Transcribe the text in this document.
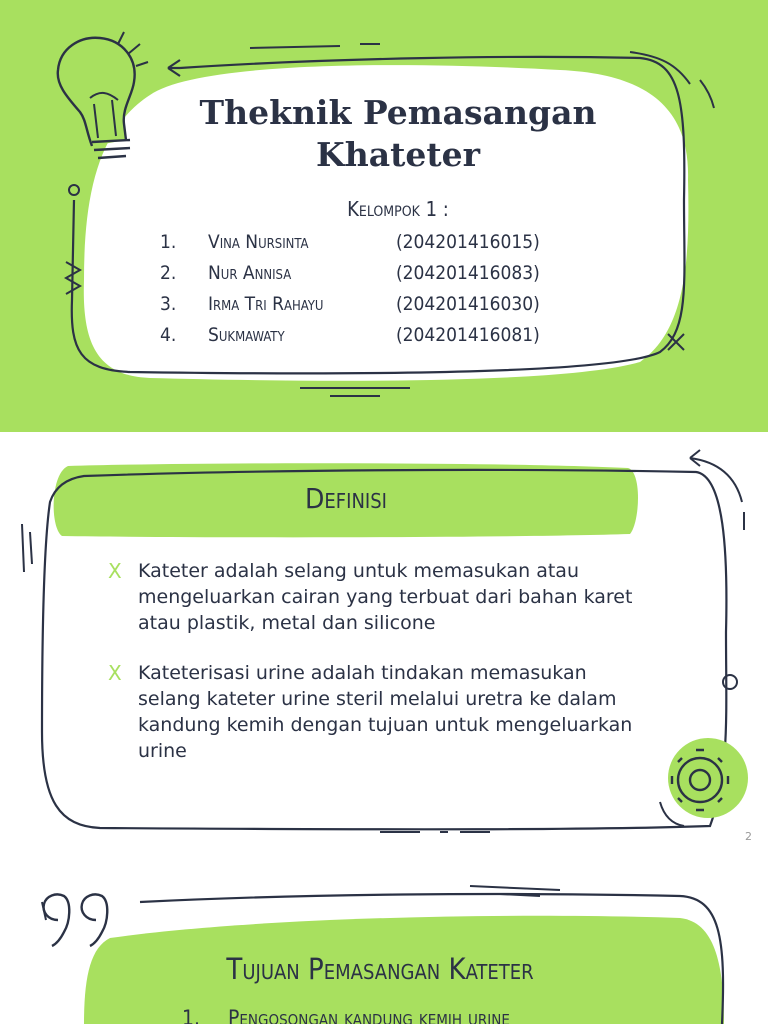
Theknik Pemasangan Khateter
Kelompok 1 :
1.	Vina Nursinta	(204201416015)
2.	Nur Annisa	(204201416083)
3.	Irma Tri Rahayu	(204201416030)
4.	Sukmawaty	(204201416081)
Definisi
X Kateter adalah selang untuk memasukan atau mengeluarkan cairan yang terbuat dari bahan karet atau plastik, metal dan silicone
X Kateterisasi urine adalah tindakan memasukan selang kateter urine steril melalui uretra ke dalam kandung kemih dengan tujuan untuk mengeluarkan urine
2
Tujuan Pemasangan Kateter
1.	Pengosongan kandung kemih urine
